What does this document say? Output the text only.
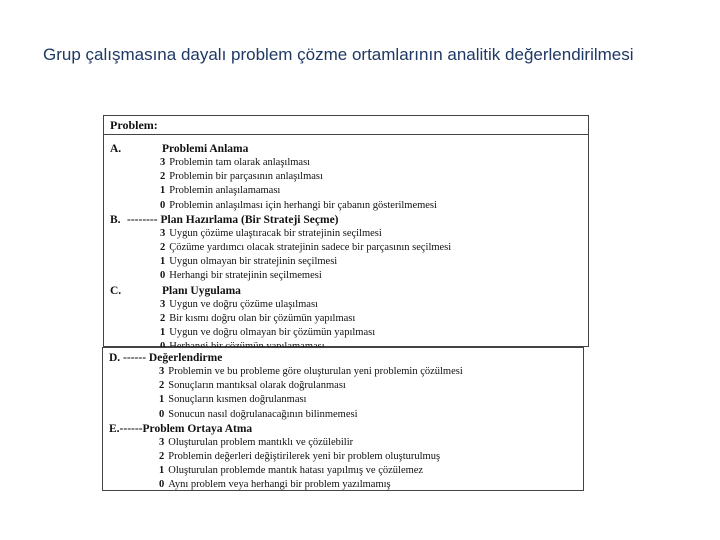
Grup çalışmasına dayalı problem çözme ortamlarının analitik değerlendirilmesi
Problem:
A.	Problemi Anlama
3 Problemin tam olarak anlaşılması
2 Problemin bir parçasının anlaşılması
1 Problemin anlaşılamaması
0 Problemin anlaşılması için herhangi bir çabanın gösterilmemesi
B. -------- Plan Hazırlama (Bir Strateji Seçme)
3 Uygun çözüme ulaştıracak bir stratejinin seçilmesi
2 Çözüme yardımcı olacak stratejinin sadece bir parçasının seçilmesi
1 Uygun olmayan bir stratejinin seçilmesi
0 Herhangi bir stratejinin seçilmemesi
C.	Planı Uygulama
3 Uygun ve doğru çözüme ulaşılması
2 Bir kısmı doğru olan bir çözümün yapılması
1 Uygun ve doğru olmayan bir çözümün yapılması
D. ------ Değerlendirme
3 Problemin ve bu probleme göre oluşturulan yeni problemin çözülmesi
2 Sonuçların mantıksal olarak doğrulanması
1 Sonuçların kısmen doğrulanması
0 Sonucun nasıl doğrulanacağının bilinmemesi
E.------Problem Ortaya Atma
3 Oluşturulan problem mantıklı ve çözülebilir
2 Problemin değerleri değiştirilerek yeni bir problem oluşturulmuş
1 Oluşturulan problemde mantık hatası yapılmış ve çözülemez
0 Aynı problem veya herhangi bir problem yazılmamış
